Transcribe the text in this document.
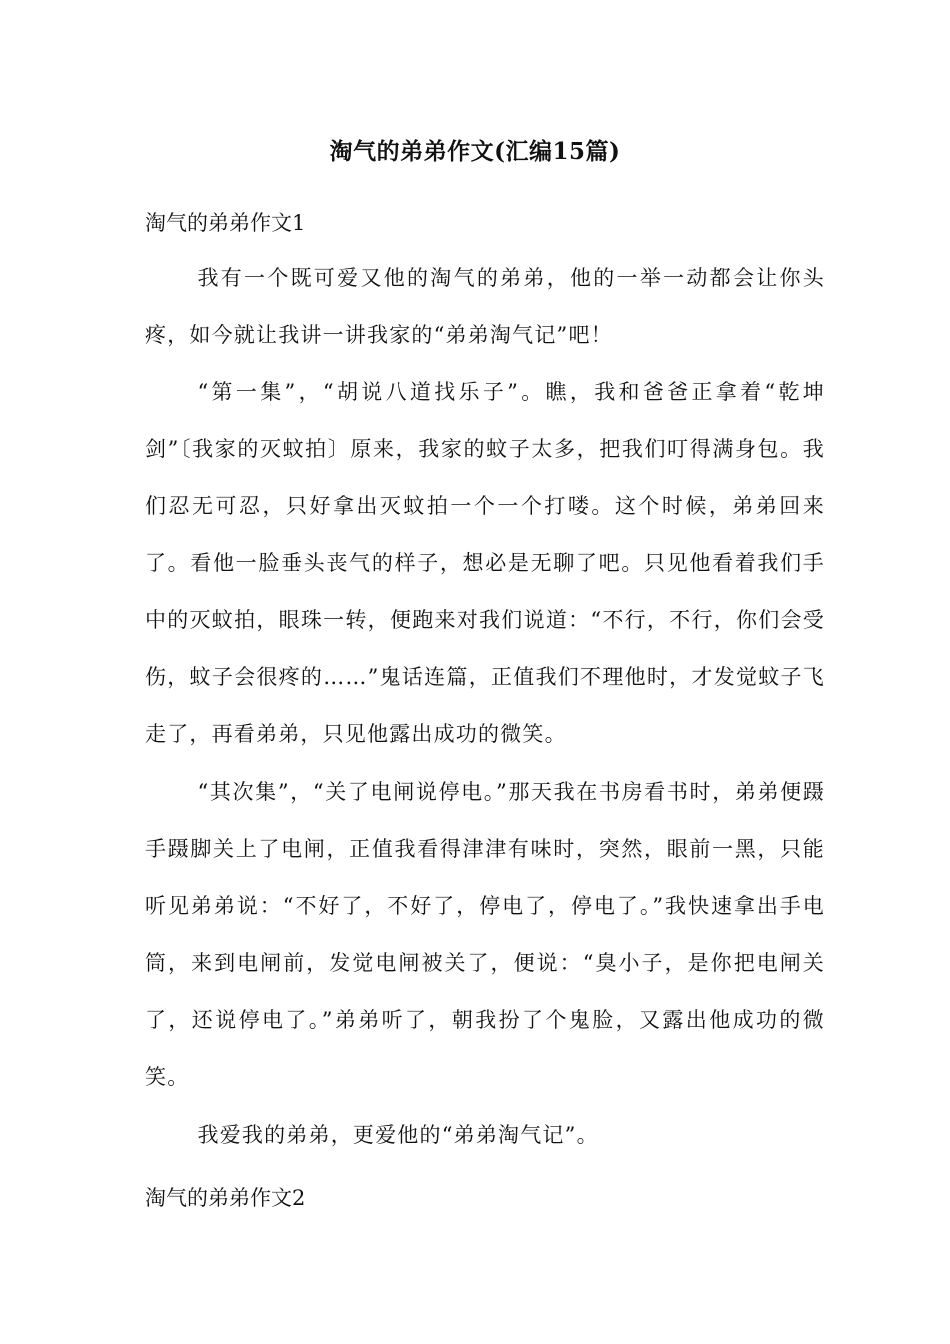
淘气的弟弟作文(汇编15篇)
淘气的弟弟作文1
我有一个既可爱又他的淘气的弟弟，他的一举一动都会让你头疼，如今就让我讲一讲我家的“弟弟淘气记”吧！
“第一集”，“胡说八道找乐子”。瞧，我和爸爸正拿着“乾坤剑”〔我家的灭蚊拍〕原来，我家的蚊子太多，把我们叮得满身包。我们忍无可忍，只好拿出灭蚊拍一个一个打喽。这个时候，弟弟回来了。看他一脸垂头丧气的样子，想必是无聊了吧。只见他看着我们手中的灭蚊拍，眼珠一转，便跑来对我们说道：“不行，不行，你们会受伤，蚊子会很疼的……”鬼话连篇，正值我们不理他时，才发觉蚊子飞走了，再看弟弟，只见他露出成功的微笑。
“其次集”，“关了电闸说停电。”那天我在书房看书时，弟弟便蹑手蹑脚关上了电闸，正值我看得津津有味时，突然，眼前一黑，只能听见弟弟说：“不好了，不好了，停电了，停电了。”我快速拿出手电筒，来到电闸前，发觉电闸被关了，便说：“臭小子，是你把电闸关了，还说停电了。”弟弟听了，朝我扮了个鬼脸，又露出他成功的微笑。
我爱我的弟弟，更爱他的“弟弟淘气记”。
淘气的弟弟作文2
